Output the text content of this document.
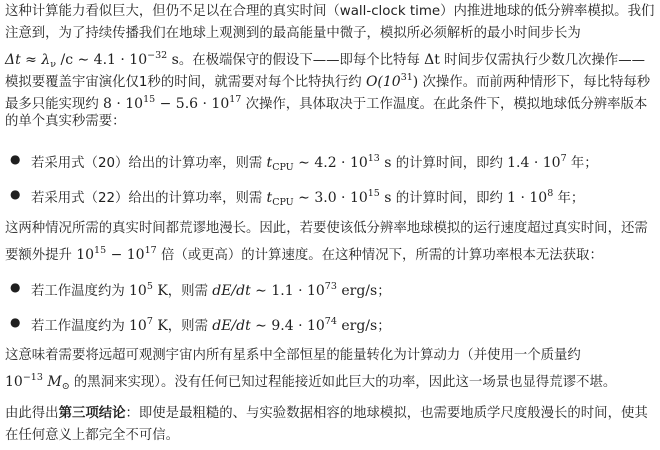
这种计算能力看似巨大，但仍不足以在合理的真实时间（wall-clock time）内推进地球的低分辨率模拟。我们
注意到，为了持续传播我们在地球上观测到的最高能量中微子，模拟所必须解析的最小时间步长为
$\Delta t \approx \lambda_\nu$ /c ∼ $4.1 \cdot 10^{-32}$ s。在极端保守的假设下——即每个比特每 Δt 时间步仅需执行少数几次操作——
模拟要覆盖宇宙演化仅1秒的时间，就需要对每个比特执行约 $O(10^{31})$ 次操作。而前两种情形下，每比特每秒
最多只能实现约 $8 \cdot 10^{15} - 5.6 \cdot 10^{17}$ 次操作，具体取决于工作温度。在此条件下，模拟地球低分辨率版本
的单个真实秒需要：
● 若采用式（20）给出的计算功率，则需 $t_{CPU}$ ∼ $4.2 \cdot 10^{13}$ s 的计算时间，即约 $1.4 \cdot 10^7$ 年；
● 若采用式（22）给出的计算功率，则需 $t_{CPU}$ ∼ $3.0 \cdot 10^{15}$ s 的计算时间，即约 $1 \cdot 10^8$ 年；
这两种情况所需的真实时间都荒谬地漫长。因此，若要使该低分辨率地球模拟的运行速度超过真实时间，还需
要额外提升 $10^{15} - 10^{17}$ 倍（或更高）的计算速度。在这种情况下，所需的计算功率根本无法获取：
● 若工作温度约为 $10^5$ K，则需 dE/dt ∼ $1.1 \cdot 10^{73}$ erg/s；
● 若工作温度约为 $10^7$ K，则需 dE/dt ∼ $9.4 \cdot 10^{74}$ erg/s；
这意味着需要将远超可观测宇宙内所有星系中全部恒星的能量转化为计算动力（并使用一个质量约
$10^{-13}$ $M_⊙$ 的黑洞来实现）。没有任何已知过程能接近如此巨大的功率，因此这一场景也显得荒谬不堪。
由此得出第三项结论：即使是最粗糙的、与实验数据相容的地球模拟，也需要地质学尺度般漫长的时间，使其
在任何意义上都完全不可信。
